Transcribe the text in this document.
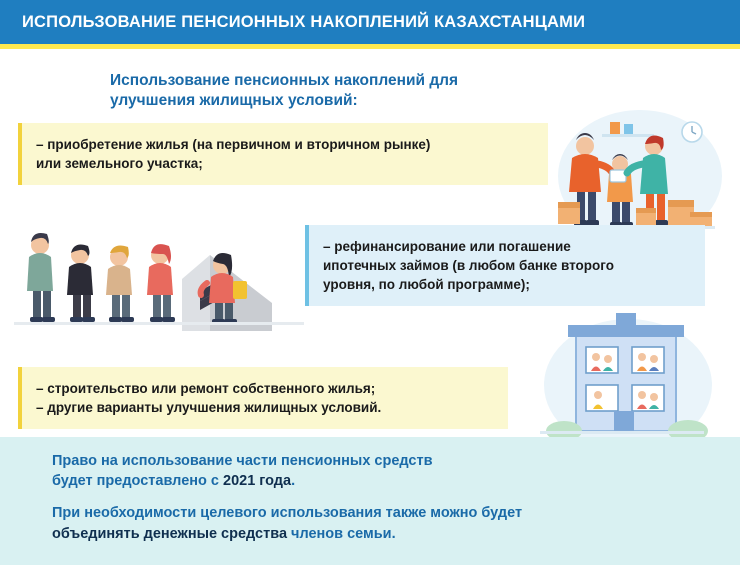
ИСПОЛЬЗОВАНИЕ ПЕНСИОННЫХ НАКОПЛЕНИЙ КАЗАХСТАНЦАМИ
Использование пенсионных накоплений для
улучшения жилищных условий:
– приобретение жилья (на первичном и вторичном рынке)
или земельного участка;
– рефинансирование или погашение
ипотечных займов (в любом банке второго
уровня, по любой программе);
– строительство или ремонт собственного жилья;
– другие варианты улучшения жилищных условий.
Право на использование части пенсионных средств
будет предоставлено с 2021 года.
При необходимости целевого использования также можно будет
объединять денежные средства членов семьи.
